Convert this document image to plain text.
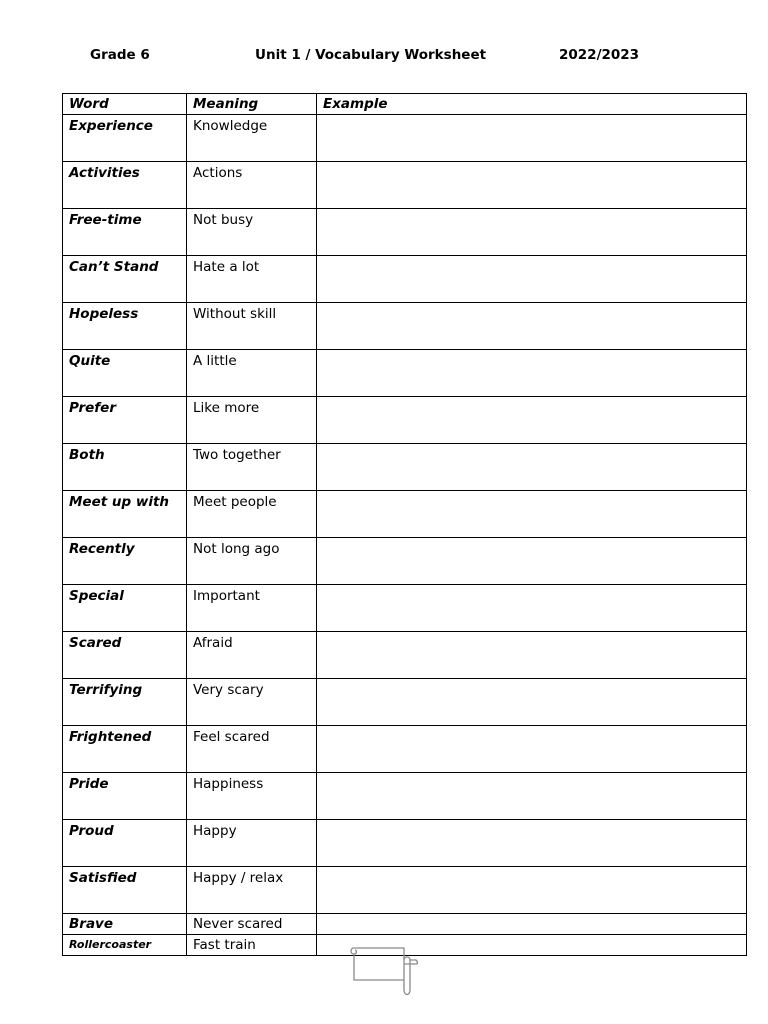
Grade 6	Unit 1 / Vocabulary Worksheet	2022/2023
Word	Meaning	Example
Experience	Knowledge	
Activities	Actions	
Free-time	Not busy	
Can’t Stand	Hate a lot	
Hopeless	Without skill	
Quite	A little	
Prefer	Like more	
Both	Two together	
Meet up with	Meet people	
Recently	Not long ago	
Special	Important	
Scared	Afraid	
Terrifying	Very scary	
Frightened	Feel scared	
Pride	Happiness	
Proud	Happy	
Satisfied	Happy / relax	
Brave	Never scared	
Rollercoaster	Fast train	
